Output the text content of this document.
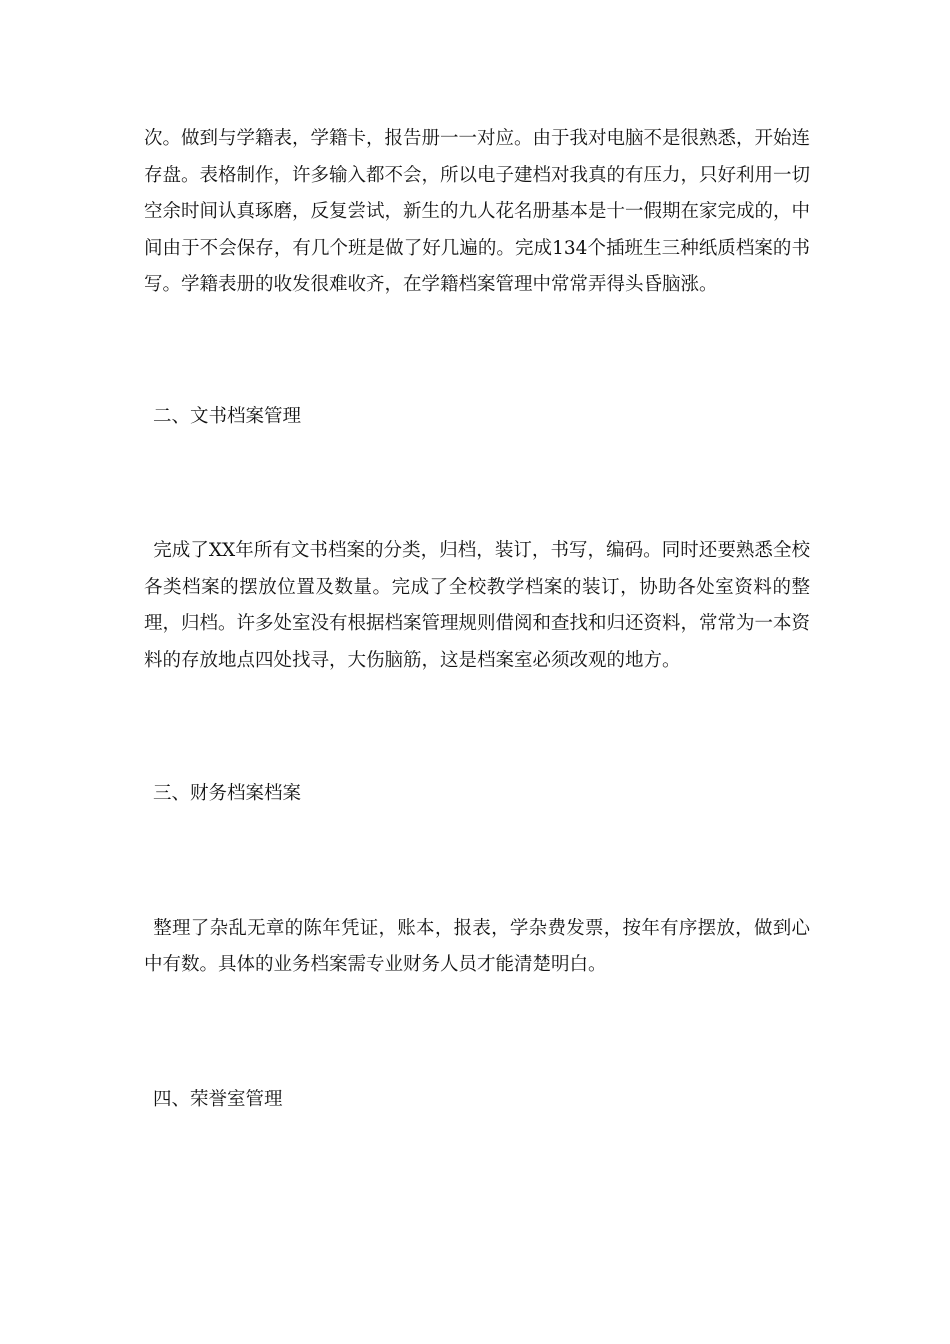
次。做到与学籍表，学籍卡，报告册一一对应。由于我对电脑不是很熟悉，开始连存盘。表格制作，许多输入都不会，所以电子建档对我真的有压力，只好利用一切空余时间认真琢磨，反复尝试，新生的九人花名册基本是十一假期在家完成的，中间由于不会保存，有几个班是做了好几遍的。完成134个插班生三种纸质档案的书写。学籍表册的收发很难收齐，在学籍档案管理中常常弄得头昏脑涨。

二、文书档案管理

完成了XX年所有文书档案的分类，归档，装订，书写，编码。同时还要熟悉全校各类档案的摆放位置及数量。完成了全校教学档案的装订，协助各处室资料的整理，归档。许多处室没有根据档案管理规则借阅和查找和归还资料，常常为一本资料的存放地点四处找寻，大伤脑筋，这是档案室必须改观的地方。

三、财务档案档案

整理了杂乱无章的陈年凭证，账本，报表，学杂费发票，按年有序摆放，做到心中有数。具体的业务档案需专业财务人员才能清楚明白。

四、荣誉室管理
